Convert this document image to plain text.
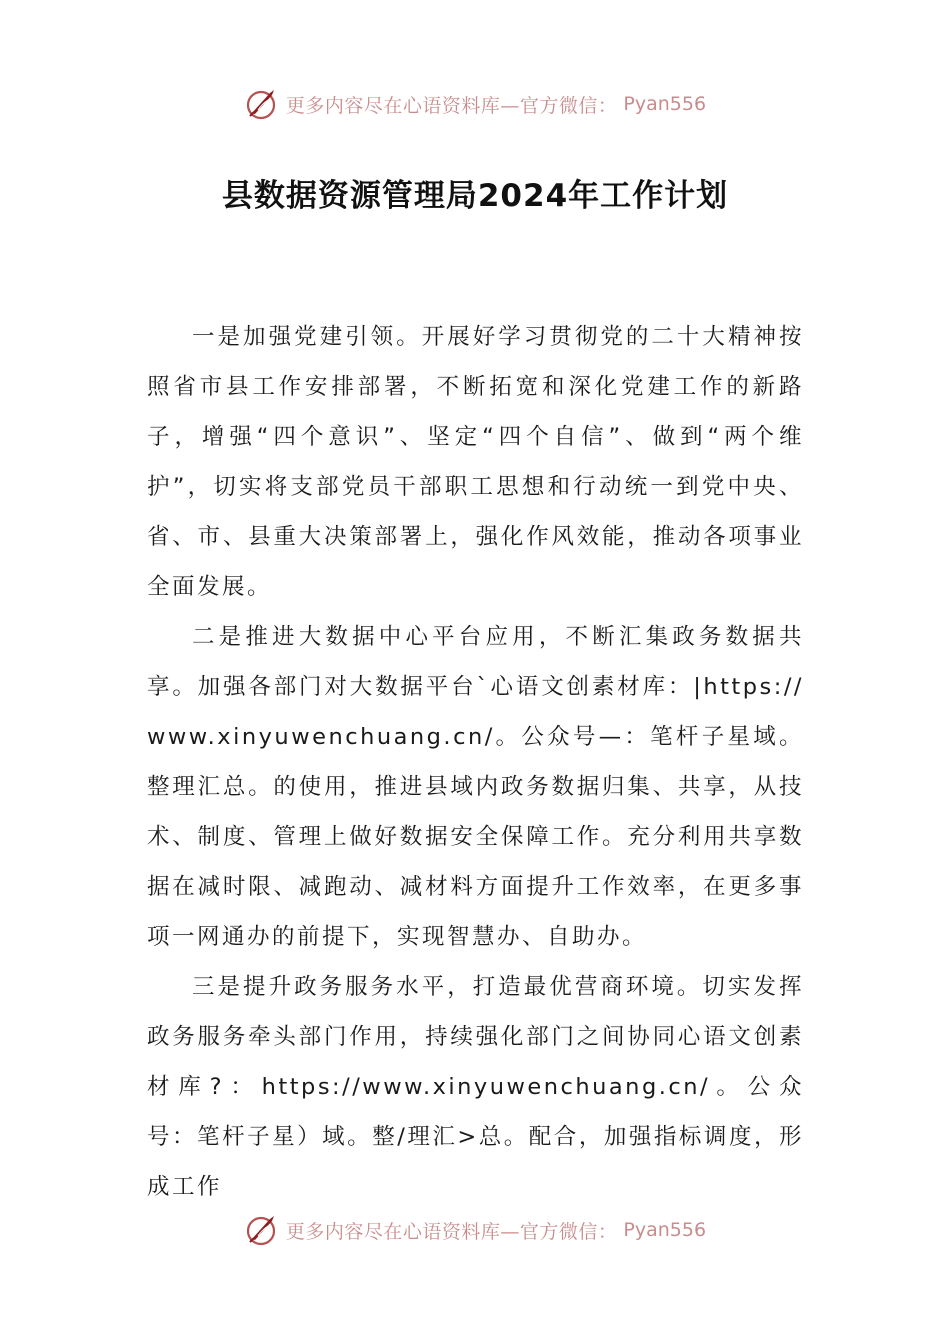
更多内容尽在心语资料库—官方微信： Pyan556
县数据资源管理局2024年工作计划

一是加强党建引领。开展好学习贯彻党的二十大精神按照省市县工作安排部署，不断拓宽和深化党建工作的新路子，增强“四个意识”、坚定“四个自信”、做到“两个维护”，切实将支部党员干部职工思想和行动统一到党中央、省、市、县重大决策部署上，强化作风效能，推动各项事业全面发展。

二是推进大数据中心平台应用，不断汇集政务数据共享。加强各部门对大数据平台`心语文创素材库：|https://www.xinyuwenchuang.cn/。公众号—：笔杆子星域。整理汇总。的使用，推进县域内政务数据归集、共享，从技术、制度、管理上做好数据安全保障工作。充分利用共享数据在减时限、减跑动、减材料方面提升工作效率，在更多事项一网通办的前提下，实现智慧办、自助办。

三是提升政务服务水平，打造最优营商环境。切实发挥政务服务牵头部门作用，持续强化部门之间协同心语文创素材库?：https://www.xinyuwenchuang.cn/。公众号：笔杆子星）域。整/理汇>总。配合，加强指标调度，形成工作

更多内容尽在心语资料库—官方微信： Pyan556
